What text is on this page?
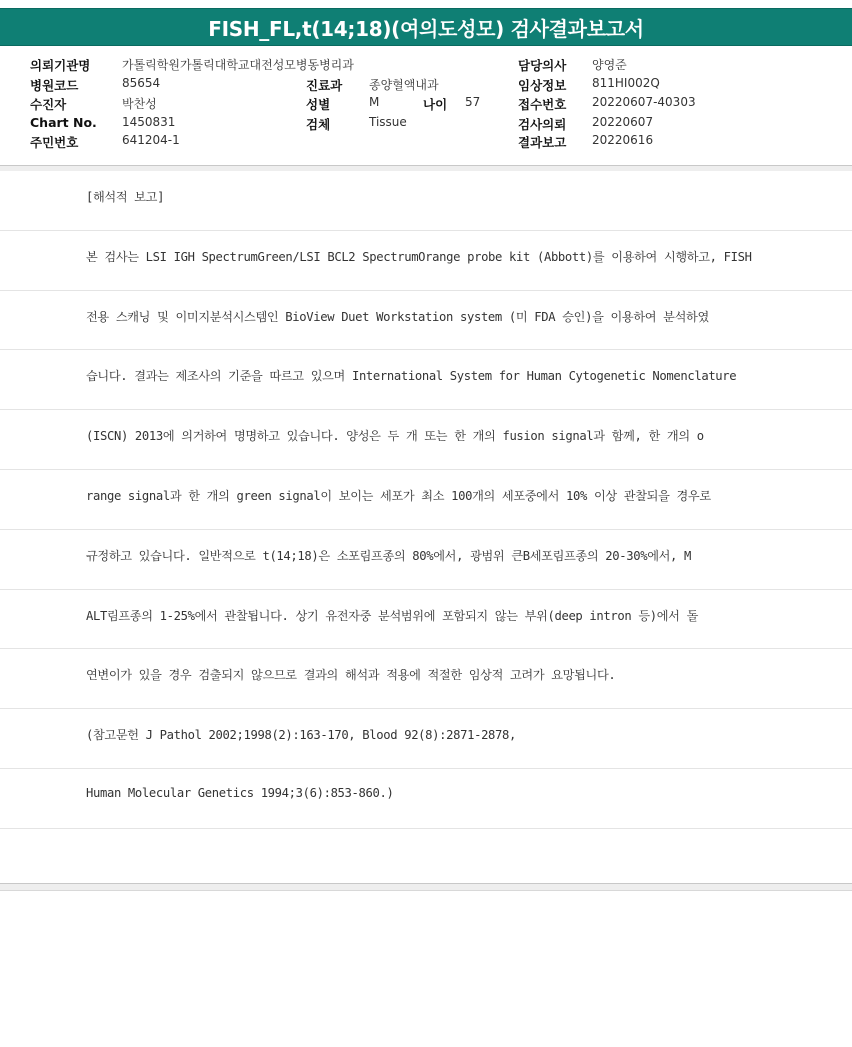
FISH_FL,t(14;18)(여의도성모) 검사결과보고서
의뢰기관명	가톨릭학원가톨릭대학교대전성모병동병리과	담당의사 양영준
병원코드	85654	진료과 종양혈액내과	임상정보 811HI002Q
수진자	박찬성	성별	M	나이 57	접수번호 20220607-40303
Chart No. 1450831	검체	Tissue	검사의뢰 20220607
주민번호	641204-1	결과보고 20220616
[해석적 보고]
본 검사는 LSI IGH SpectrumGreen/LSI BCL2 SpectrumOrange probe kit (Abbott)를 이용하여 시행하고, FISH
전용 스캐닝 및 이미지분석시스템인 BioView Duet Workstation system (미 FDA 승인)을 이용하여 분석하였
습니다. 결과는 제조사의 기준을 따르고 있으며 International System for Human Cytogenetic Nomenclature
(ISCN) 2013에 의거하여 명명하고 있습니다. 양성은 두 개 또는 한 개의 fusion signal과 함께, 한 개의 o
range signal과 한 개의 green signal이 보이는 세포가 최소 100개의 세포중에서 10% 이상 관찰되을 경우로
규정하고 있습니다. 일반적으로 t(14;18)은 소포림프종의 80%에서, 광범위 큰B세포림프종의 20-30%에서, M
ALT림프종의 1-25%에서 관찰됩니다. 상기 유전자중 분석범위에 포함되지 않는 부위(deep intron 등)에서 돌
연변이가 있을 경우 검출되지 않으므로 결과의 해석과 적용에 적절한 임상적 고려가 요망됩니다.
(참고문헌 J Pathol 2002;1998(2):163-170, Blood 92(8):2871-2878,
Human Molecular Genetics 1994;3(6):853-860.)
